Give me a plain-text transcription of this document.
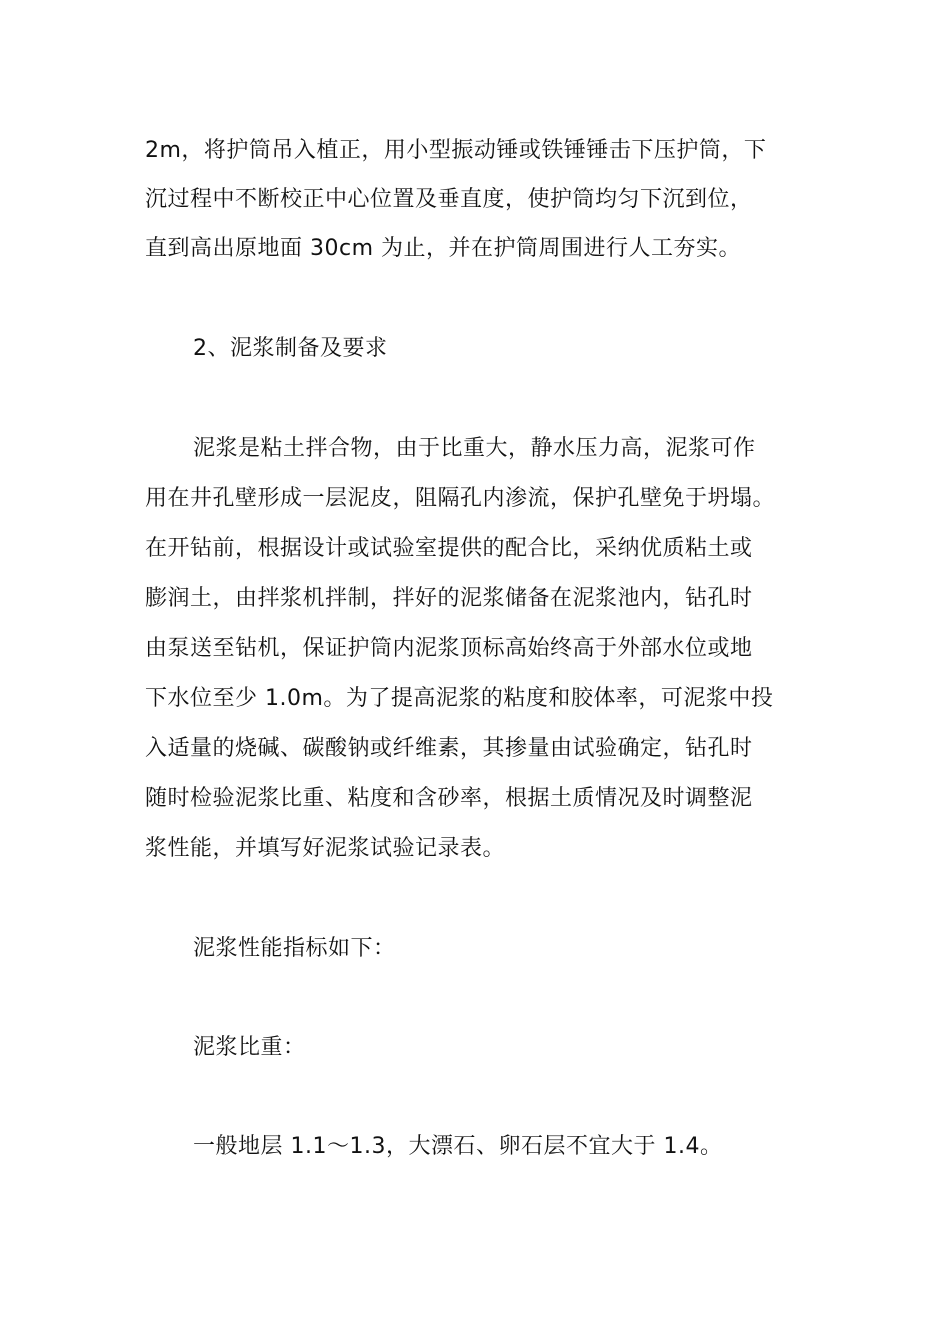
2m，将护筒吊入植正，用小型振动锤或铁锤锤击下压护筒，下
沉过程中不断校正中心位置及垂直度，使护筒均匀下沉到位，
直到高出原地面 30cm 为止，并在护筒周围进行人工夯实。
2、泥浆制备及要求
泥浆是粘土拌合物，由于比重大，静水压力高，泥浆可作
用在井孔壁形成一层泥皮，阻隔孔内渗流，保护孔壁免于坍塌。
在开钻前，根据设计或试验室提供的配合比，采纳优质粘土或
膨润土，由拌浆机拌制，拌好的泥浆储备在泥浆池内，钻孔时
由泵送至钻机，保证护筒内泥浆顶标高始终高于外部水位或地
下水位至少 1.0m。为了提高泥浆的粘度和胶体率，可泥浆中投
入适量的烧碱、碳酸钠或纤维素，其掺量由试验确定，钻孔时
随时检验泥浆比重、粘度和含砂率，根据土质情况及时调整泥
浆性能，并填写好泥浆试验记录表。
泥浆性能指标如下：
泥浆比重：
一般地层 1.1～1.3，大漂石、卵石层不宜大于 1.4。
